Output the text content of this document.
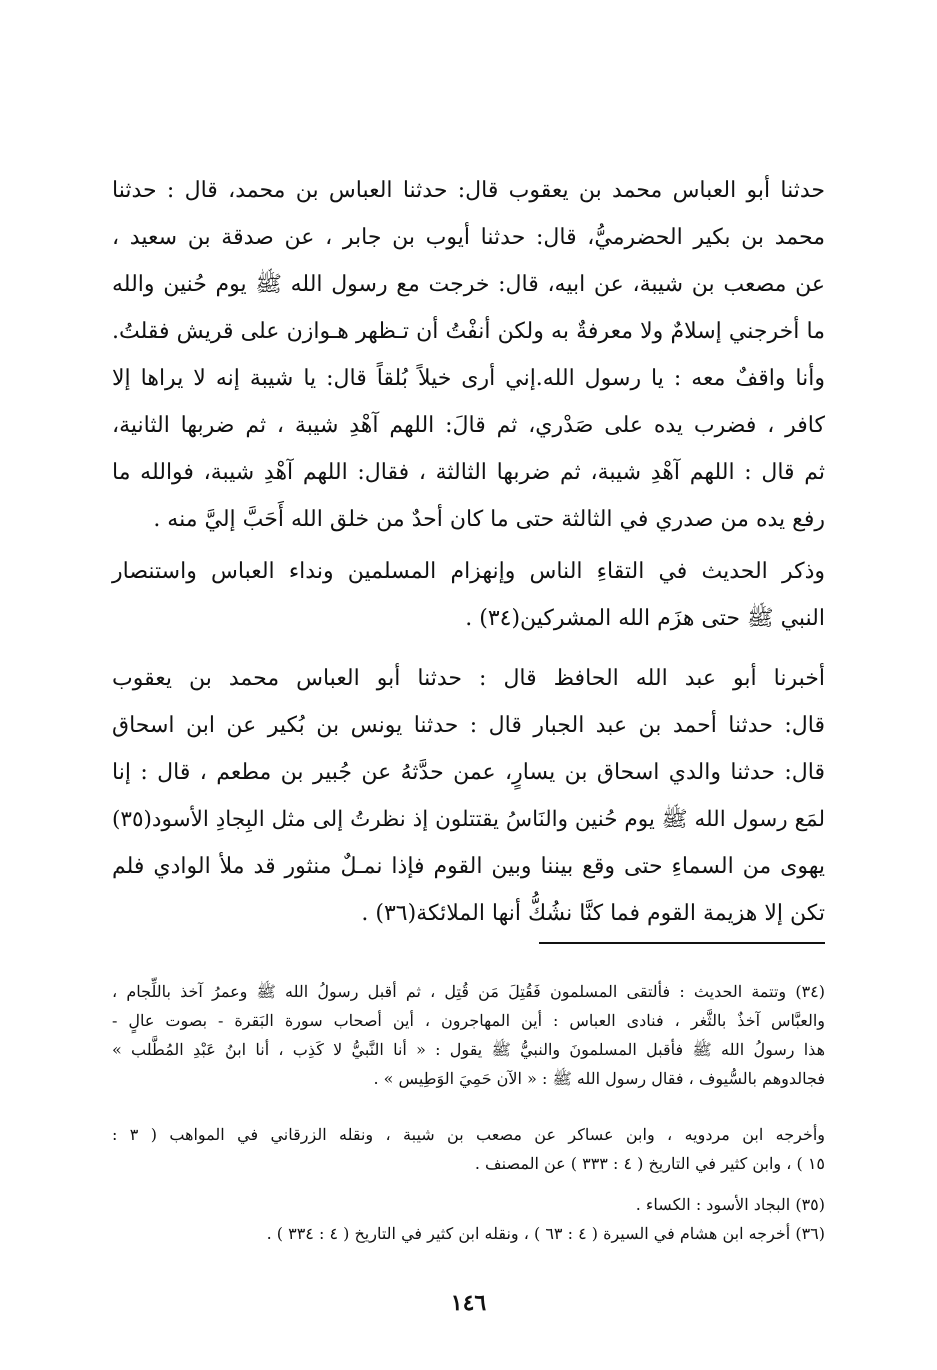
حدثنا أبو العباس محمد بن يعقوب قال: حدثنا العباس بن محمد، قال : حدثنا

محمد بن بكير الحضرميُّ، قال: حدثنا أيوب بن جابر ، عن صدقة بن سعيد ،

عن مصعب بن شيبة، عن ابيه، قال: خرجت مع رسول الله ﷺ يوم حُنين والله

ما أخرجني إسلامٌ ولا معرفةٌ به ولكن أنفْتُ أن تـظهر هـوازن على قريش فقلتُ.

وأنا واقفٌ معه : يا رسول الله.إني أرى خيلاً بُلقاً قال: يا شيبة إنه لا يراها إلا

كافر ، فضرب يده على صَدْري، ثم قالَ: اللهم آهْدِ شيبة ، ثم ضربها الثانية،

ثم قال : اللهم آهْدِ شيبة، ثم ضربها الثالثة ، فقال: اللهم آهْدِ شيبة، فوالله ما

رفع يده من صدري في الثالثة حتى ما كان أحدٌ من خلق الله أَحَبَّ إليَّ منه .

وذكر الحديث في التقاءِ الناس وإنهزام المسلمين ونداء العباس واستنصار

النبي ﷺ حتى هزَم الله المشركين(٣٤) .

أخبرنا أبو عبد الله الحافظ قال : حدثنا أبو العباس محمد بن يعقوب

قال: حدثنا أحمد بن عبد الجبار قال : حدثنا يونس بن بُكير عن ابن اسحاق

قال: حدثنا والدي اسحاق بن يسارٍ، عمن حدَّثهُ عن جُبير بن مطعم ، قال : إنا

لمَع رسول الله ﷺ يوم حُنين والنَاسُ يقتتلون إذ نظرتُ إلى مثل البِجادِ الأسود(٣٥)

يهوى من السماءِ حتى وقع بيننا وبين القوم فإذا نمـلٌ منثور قد ملأ الوادي فلم

تكن إلا هزيمة القوم فما كنَّا نشُكُّ أنها الملائكة(٣٦) .

(٣٤) وتتمة الحديث : فألتقى المسلمون فَقُتِلَ مَن قُتِل ، ثم أقبل رسولُ الله ﷺ وعمرُ آخذ باللِّجام ،

والعبَّاس آخذٌ بالثَّغر ، فنادى العباس : أين المهاجرون ، أين أصحاب سورة البَقرة - بصوت عالٍ -

هذا رسولُ الله ﷺ فأقبل المسلمونَ والنبيُّ ﷺ يقول : « أنا النَّبيُّ لا كَذِب ، أنا ابنُ عَبْدِ المُطَّلب »

فجالدوهم بالسُّيوف ، فقال رسول الله ﷺ : « الآن حَمِيَ الوَطِيس » .

وأخرجه ابن مردويه ، وابن عساكر عن مصعب بن شيبة ، ونقله الزرقاني في المواهب ( ٣ :

١٥ ) ، وابن كثير في التاريخ ( ٤ : ٣٣٣ ) عن المصنف .

(٣٥) البجاد الأسود : الكساء .

(٣٦) أخرجه ابن هشام في السيرة ( ٤ : ٦٣ ) ، ونقله ابن كثير في التاريخ ( ٤ : ٣٣٤ ) .

١٤٦
